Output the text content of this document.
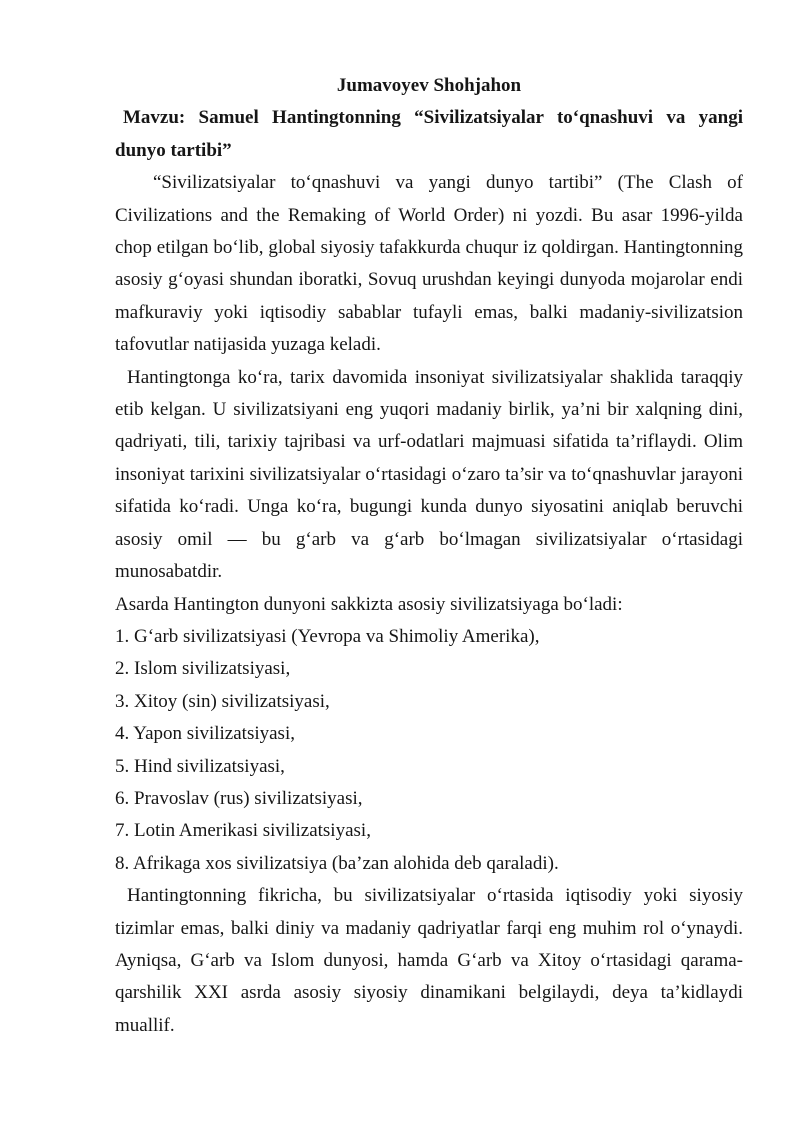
Jumavoyev Shohjahon

Mavzu: Samuel Hantingtonning “Sivilizatsiyalar to‘qnashuvi va yangi dunyo tartibi”

“Sivilizatsiyalar to‘qnashuvi va yangi dunyo tartibi” (The Clash of Civilizations and the Remaking of World Order) ni yozdi. Bu asar 1996-yilda chop etilgan bo‘lib, global siyosiy tafakkurda chuqur iz qoldirgan. Hantingtonning asosiy g‘oyasi shundan iboratki, Sovuq urushdan keyingi dunyoda mojarolar endi mafkuraviy yoki iqtisodiy sabablar tufayli emas, balki madaniy-sivilizatsion tafovutlar natijasida yuzaga keladi.

Hantingtonga ko‘ra, tarix davomida insoniyat sivilizatsiyalar shaklida taraqqiy etib kelgan. U sivilizatsiyani eng yuqori madaniy birlik, ya’ni bir xalqning dini, qadriyati, tili, tarixiy tajribasi va urf-odatlari majmuasi sifatida ta’riflaydi. Olim insoniyat tarixini sivilizatsiyalar o‘rtasidagi o‘zaro ta’sir va to‘qnashuvlar jarayoni sifatida ko‘radi. Unga ko‘ra, bugungi kunda dunyo siyosatini aniqlab beruvchi asosiy omil — bu g‘arb va g‘arb bo‘lmagan sivilizatsiyalar o‘rtasidagi munosabatdir.

Asarda Hantington dunyoni sakkizta asosiy sivilizatsiyaga bo‘ladi:

1. G‘arb sivilizatsiyasi (Yevropa va Shimoliy Amerika),
2. Islom sivilizatsiyasi,
3. Xitoy (sin) sivilizatsiyasi,
4. Yapon sivilizatsiyasi,
5. Hind sivilizatsiyasi,
6. Pravoslav (rus) sivilizatsiyasi,
7. Lotin Amerikasi sivilizatsiyasi,
8. Afrikaga xos sivilizatsiya (ba’zan alohida deb qaraladi).

Hantingtonning fikricha, bu sivilizatsiyalar o‘rtasida iqtisodiy yoki siyosiy tizimlar emas, balki diniy va madaniy qadriyatlar farqi eng muhim rol o‘ynaydi. Ayniqsa, G‘arb va Islom dunyosi, hamda G‘arb va Xitoy o‘rtasidagi qarama-qarshilik XXI asrda asosiy siyosiy dinamikani belgilaydi, deya ta’kidlaydi muallif.
